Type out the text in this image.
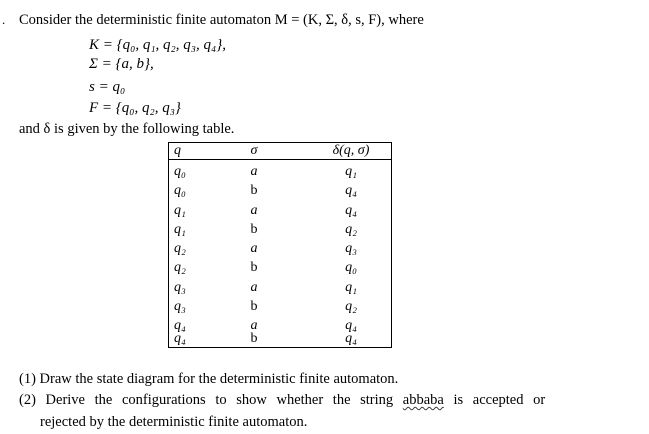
. Consider the deterministic finite automaton M = (K, Σ, δ, s, F), where
K = {q₀, q₁, q₂, q₃, q₄},
Σ = {a, b},
s = q₀
F = {q₀, q₂, q₃}
and δ is given by the following table.
q	σ	δ(q, σ)
q₀	a	q₁
q₀	b	q₄
q₁	a	q₄
q₁	b	q₂
q₂	a	q₃
q₂	b	q₀
q₃	a	q₁
q₃	b	q₂
q₄	a	q₄
q₄	b	q₄
(1) Draw the state diagram for the deterministic finite automaton.
(2) Derive the configurations to show whether the string abbaba is accepted or
rejected by the deterministic finite automaton.
